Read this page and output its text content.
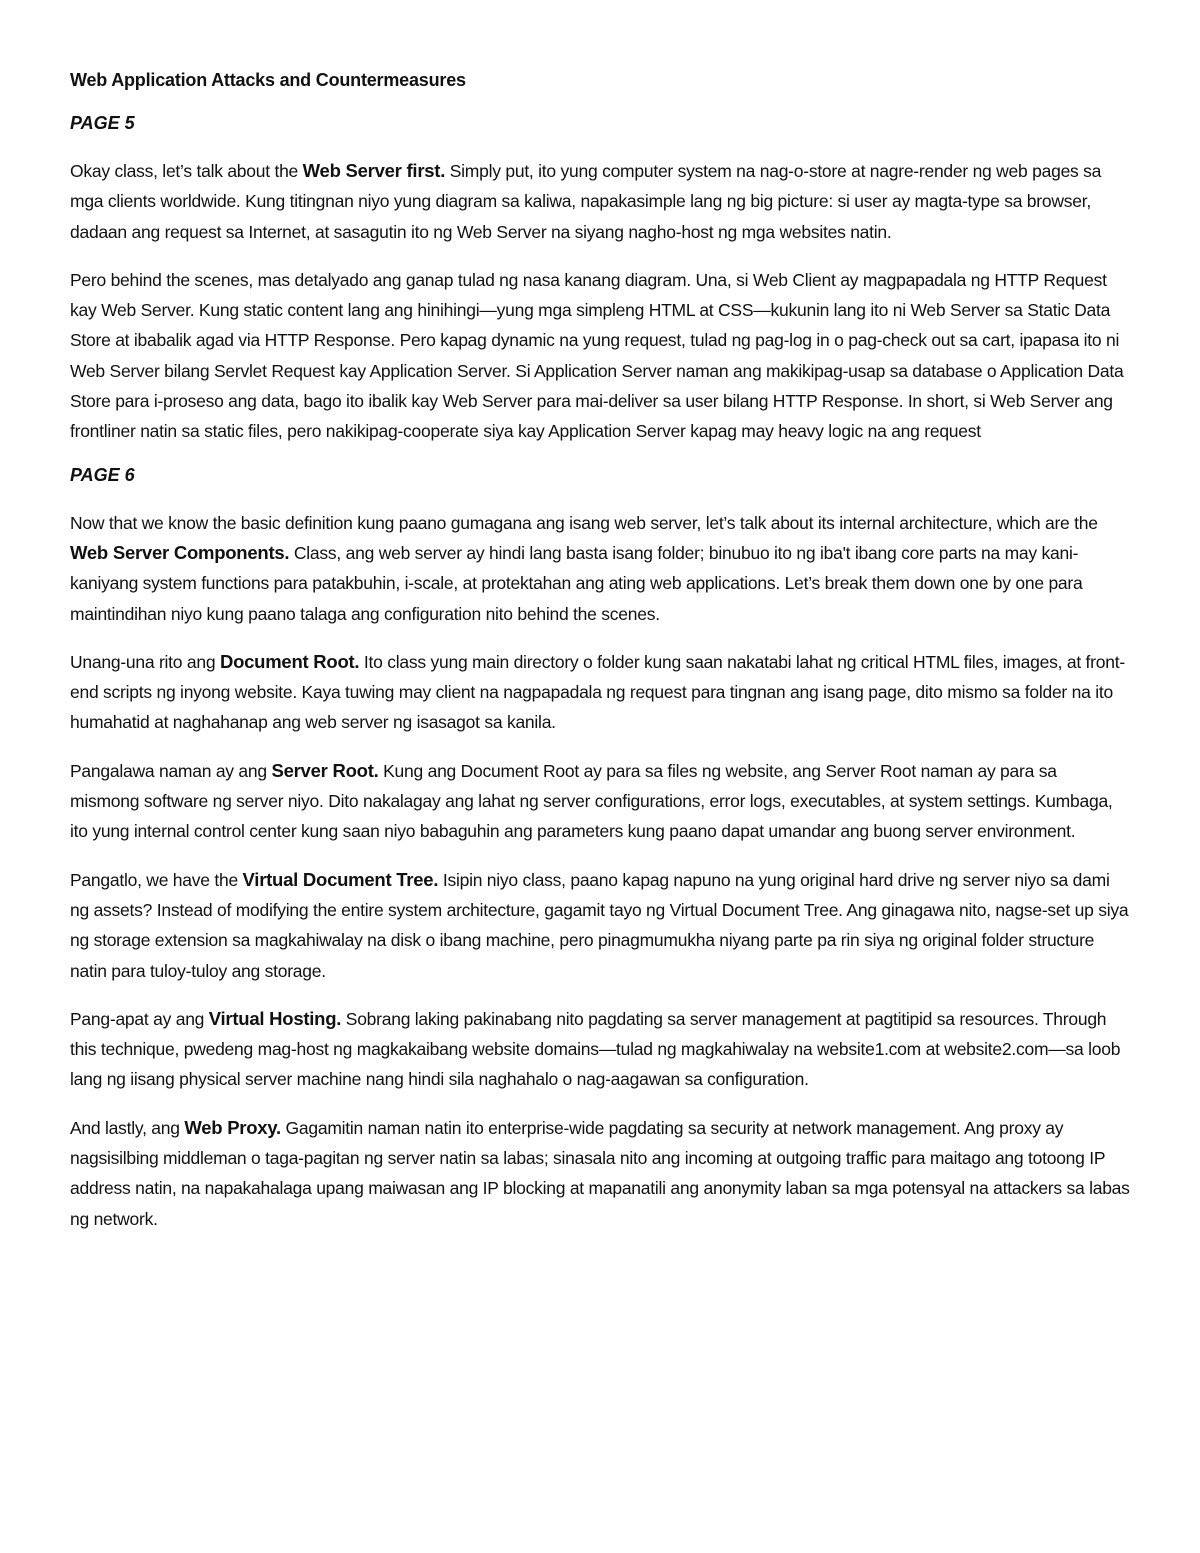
Web Application Attacks and Countermeasures
PAGE 5

Okay class, let’s talk about the Web Server first. Simply put, ito yung computer system na nag-o-store at nagre-render ng web pages sa mga clients worldwide. Kung titingnan niyo yung diagram sa kaliwa, napakasimple lang ng big picture: si user ay magta-type sa browser, dadaan ang request sa Internet, at sasagutin ito ng Web Server na siyang nagho-host ng mga websites natin.

Pero behind the scenes, mas detalyado ang ganap tulad ng nasa kanang diagram. Una, si Web Client ay magpapadala ng HTTP Request kay Web Server. Kung static content lang ang hinihingi—yung mga simpleng HTML at CSS—kukunin lang ito ni Web Server sa Static Data Store at ibabalik agad via HTTP Response. Pero kapag dynamic na yung request, tulad ng pag-log in o pag-check out sa cart, ipapasa ito ni Web Server bilang Servlet Request kay Application Server. Si Application Server naman ang makikipag-usap sa database o Application Data Store para i-proseso ang data, bago ito ibalik kay Web Server para mai-deliver sa user bilang HTTP Response. In short, si Web Server ang frontliner natin sa static files, pero nakikipag-cooperate siya kay Application Server kapag may heavy logic na ang request

PAGE 6

Now that we know the basic definition kung paano gumagana ang isang web server, let’s talk about its internal architecture, which are the Web Server Components. Class, ang web server ay hindi lang basta isang folder; binubuo ito ng iba't ibang core parts na may kani-kaniyang system functions para patakbuhin, i-scale, at protektahan ang ating web applications. Let’s break them down one by one para maintindihan niyo kung paano talaga ang configuration nito behind the scenes.

Unang-una rito ang Document Root. Ito class yung main directory o folder kung saan nakatabi lahat ng critical HTML files, images, at front-end scripts ng inyong website. Kaya tuwing may client na nagpapadala ng request para tingnan ang isang page, dito mismo sa folder na ito humahatid at naghahanap ang web server ng isasagot sa kanila.

Pangalawa naman ay ang Server Root. Kung ang Document Root ay para sa files ng website, ang Server Root naman ay para sa mismong software ng server niyo. Dito nakalagay ang lahat ng server configurations, error logs, executables, at system settings. Kumbaga, ito yung internal control center kung saan niyo babaguhin ang parameters kung paano dapat umandar ang buong server environment.

Pangatlo, we have the Virtual Document Tree. Isipin niyo class, paano kapag napuno na yung original hard drive ng server niyo sa dami ng assets? Instead of modifying the entire system architecture, gagamit tayo ng Virtual Document Tree. Ang ginagawa nito, nagse-set up siya ng storage extension sa magkahiwalay na disk o ibang machine, pero pinagmumukha niyang parte pa rin siya ng original folder structure natin para tuloy-tuloy ang storage.

Pang-apat ay ang Virtual Hosting. Sobrang laking pakinabang nito pagdating sa server management at pagtitipid sa resources. Through this technique, pwedeng mag-host ng magkakaibang website domains—tulad ng magkahiwalay na website1.com at website2.com—sa loob lang ng iisang physical server machine nang hindi sila naghahalo o nag-aagawan sa configuration.

And lastly, ang Web Proxy. Gagamitin naman natin ito enterprise-wide pagdating sa security at network management. Ang proxy ay nagsisilbing middleman o taga-pagitan ng server natin sa labas; sinasala nito ang incoming at outgoing traffic para maitago ang totoong IP address natin, na napakahalaga upang maiwasan ang IP blocking at mapanatili ang anonymity laban sa mga potensyal na attackers sa labas ng network.
